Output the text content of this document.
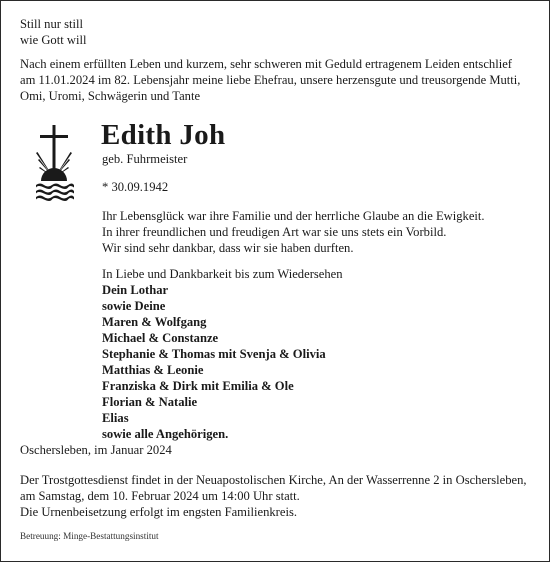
Still nur still
wie Gott will

Nach einem erfüllten Leben und kurzem, sehr schweren mit Geduld ertragenem Leiden entschlief
am 11.01.2024 im 82. Lebensjahr meine liebe Ehefrau, unsere herzensgute und treusorgende Mutti,
Omi, Uromi, Schwägerin und Tante

Edith Joh
geb. Fuhrmeister
* 30.09.1942

Ihr Lebensglück war ihre Familie und der herrliche Glaube an die Ewigkeit.
In ihrer freundlichen und freudigen Art war sie uns stets ein Vorbild.
Wir sind sehr dankbar, dass wir sie haben durften.

In Liebe und Dankbarkeit bis zum Wiedersehen
Dein Lothar
sowie Deine
Maren & Wolfgang
Michael & Constanze
Stephanie & Thomas mit Svenja & Olivia
Matthias & Leonie
Franziska & Dirk mit Emilia & Ole
Florian & Natalie
Elias
sowie alle Angehörigen.

Oschersleben, im Januar 2024

Der Trostgottesdienst findet in der Neuapostolischen Kirche, An der Wasserrenne 2 in Oschersleben,
am Samstag, dem 10. Februar 2024 um 14:00 Uhr statt.
Die Urnenbeisetzung erfolgt im engsten Familienkreis.

Betreuung: Minge-Bestattungsinstitut
